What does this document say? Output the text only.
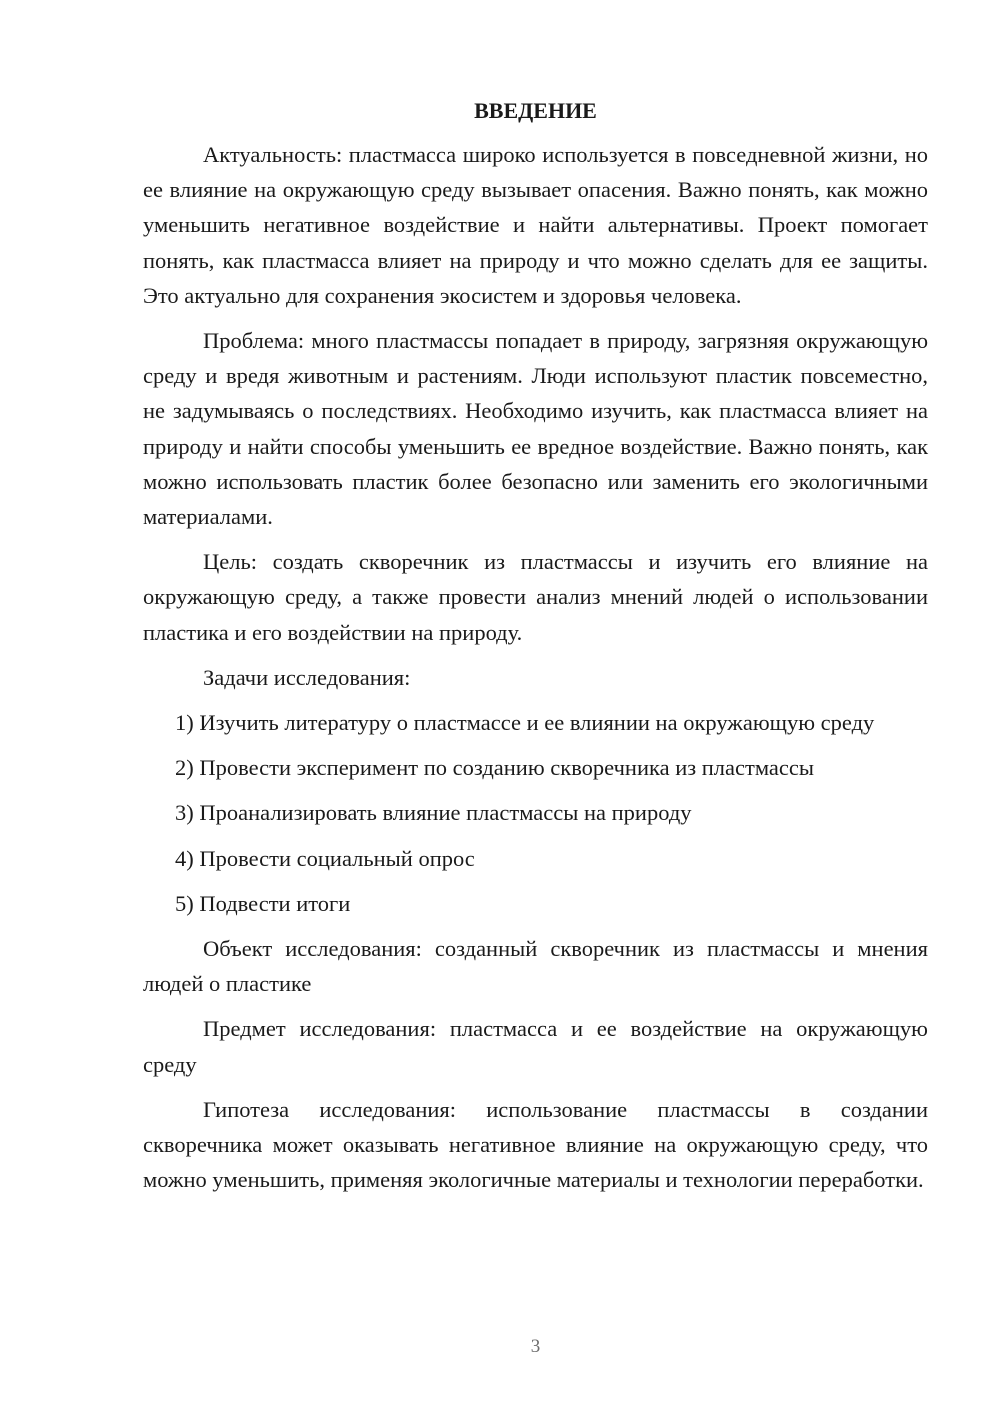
ВВЕДЕНИЕ

Актуальность: пластмасса широко используется в повседневной жизни, но ее влияние на окружающую среду вызывает опасения. Важно понять, как можно уменьшить негативное воздействие и найти альтернативы. Проект помогает понять, как пластмасса влияет на природу и что можно сделать для ее защиты. Это актуально для сохранения экосистем и здоровья человека.

Проблема: много пластмассы попадает в природу, загрязняя окружающую среду и вредя животным и растениям. Люди используют пластик повсеместно, не задумываясь о последствиях. Необходимо изучить, как пластмасса влияет на природу и найти способы уменьшить ее вредное воздействие. Важно понять, как можно использовать пластик более безопасно или заменить его экологичными материалами.

Цель: создать скворечник из пластмассы и изучить его влияние на окружающую среду, а также провести анализ мнений людей о использовании пластика и его воздействии на природу.

Задачи исследования:

1) Изучить литературу о пластмассе и ее влиянии на окружающую среду
2) Провести эксперимент по созданию скворечника из пластмассы
3) Проанализировать влияние пластмассы на природу
4) Провести социальный опрос
5) Подвести итоги

Объект исследования: созданный скворечник из пластмассы и мнения людей о пластике

Предмет исследования: пластмасса и ее воздействие на окружающую среду

Гипотеза исследования: использование пластмассы в создании скворечника может оказывать негативное влияние на окружающую среду, что можно уменьшить, применяя экологичные материалы и технологии переработки.

3
